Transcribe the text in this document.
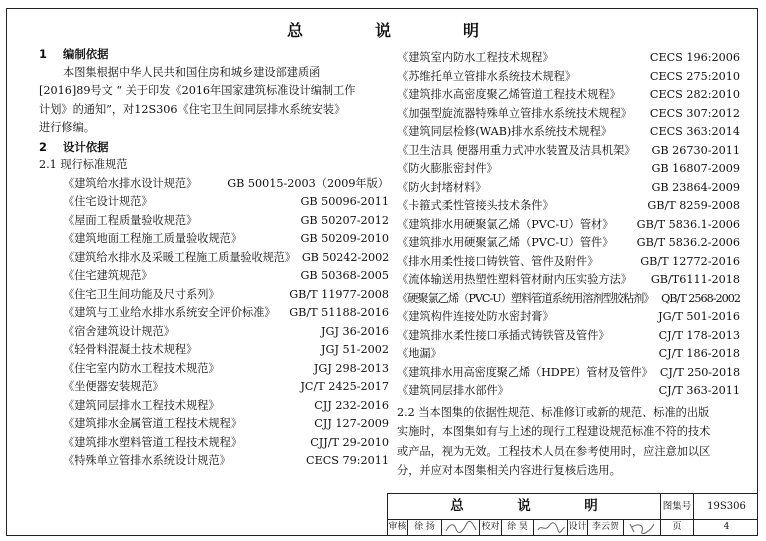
总　说　明
1 编制依据
本图集根据中华人民共和国住房和城乡建设部建质函
[2016]89号文 “ 关于印发《2016年国家建筑标准设计编制工作
计划》的通知”，对12S306《住宅卫生间同层排水系统安装》
进行修编。
2 设计依据
2.1 现行标准规范
《建筑给水排水设计规范》	GB 50015-2003（2009年版）
《住宅设计规范》	GB 50096-2011
《屋面工程质量验收规范》	GB 50207-2012
《建筑地面工程施工质量验收规范》	GB 50209-2010
《建筑给水排水及采暖工程施工质量验收规范》 GB 50242-2002
《住宅建筑规范》	GB 50368-2005
《住宅卫生间功能及尺寸系列》	GB/T 11977-2008
《建筑与工业给水排水系统安全评价标准》 GB/T 51188-2016
《宿舍建筑设计规范》	JGJ 36-2016
《轻骨料混凝土技术规程》	JGJ 51-2002
《住宅室内防水工程技术规范》	JGJ 298-2013
《坐便器安装规范》	JC/T 2425-2017
《建筑同层排水工程技术规程》	CJJ 232-2016
《建筑排水金属管道工程技术规程》	CJJ 127-2009
《建筑排水塑料管道工程技术规程》	CJJ/T 29-2010
《特殊单立管排水系统设计规范》	CECS 79:2011
《建筑室内防水工程技术规程》	CECS 196:2006
《苏维托单立管排水系统技术规程》	CECS 275:2010
《建筑排水高密度聚乙烯管道工程技术规程》	CECS 282:2010
《加强型旋流器特殊单立管排水系统技术规程》 CECS 307:2012
《建筑同层检修(WAB)排水系统技术规程》	CECS 363:2014
《卫生洁具 便器用重力式冲水装置及洁具机架》 GB 26730-2011
《防火膨胀密封件》	GB 16807-2009
《防火封堵材料》	GB 23864-2009
《卡箍式柔性管接头技术条件》	GB/T 8259-2008
《建筑排水用硬聚氯乙烯（PVC-U）管材》 GB/T 5836.1-2006
《建筑排水用硬聚氯乙烯（PVC-U）管件》 GB/T 5836.2-2006
《排水用柔性接口铸铁管、管件及附件》	GB/T 12772-2016
《流体输送用热塑性塑料管材耐内压实验方法》 GB/T6111-2018
《硬聚氯乙烯（PVC-U）塑料管道系统用溶剂型胶粘剂》 QB/T 2568-2002
《建筑构件连接处防水密封膏》	JG/T 501-2016
《建筑排水柔性接口承插式铸铁管及管件》	CJ/T 178-2013
《地漏》	CJ/T 186-2018
《建筑排水用高密度聚乙烯（HDPE）管材及管件》 CJ/T 250-2018
《建筑同层排水部件》	CJ/T 363-2011
2.2 当本图集的依据性规范、标准修订或新的规范、标准的出版
实施时，本图集如有与上述的现行工程建设规范标准不符的技术
或产品，视为无效。工程技术人员在参考使用时，应注意加以区
分，并应对本图集相关内容进行复核后选用。
总　说　明	图集号	19S306
审核 徐 扬	校对 徐 昊	设计 李云贺	页	4
